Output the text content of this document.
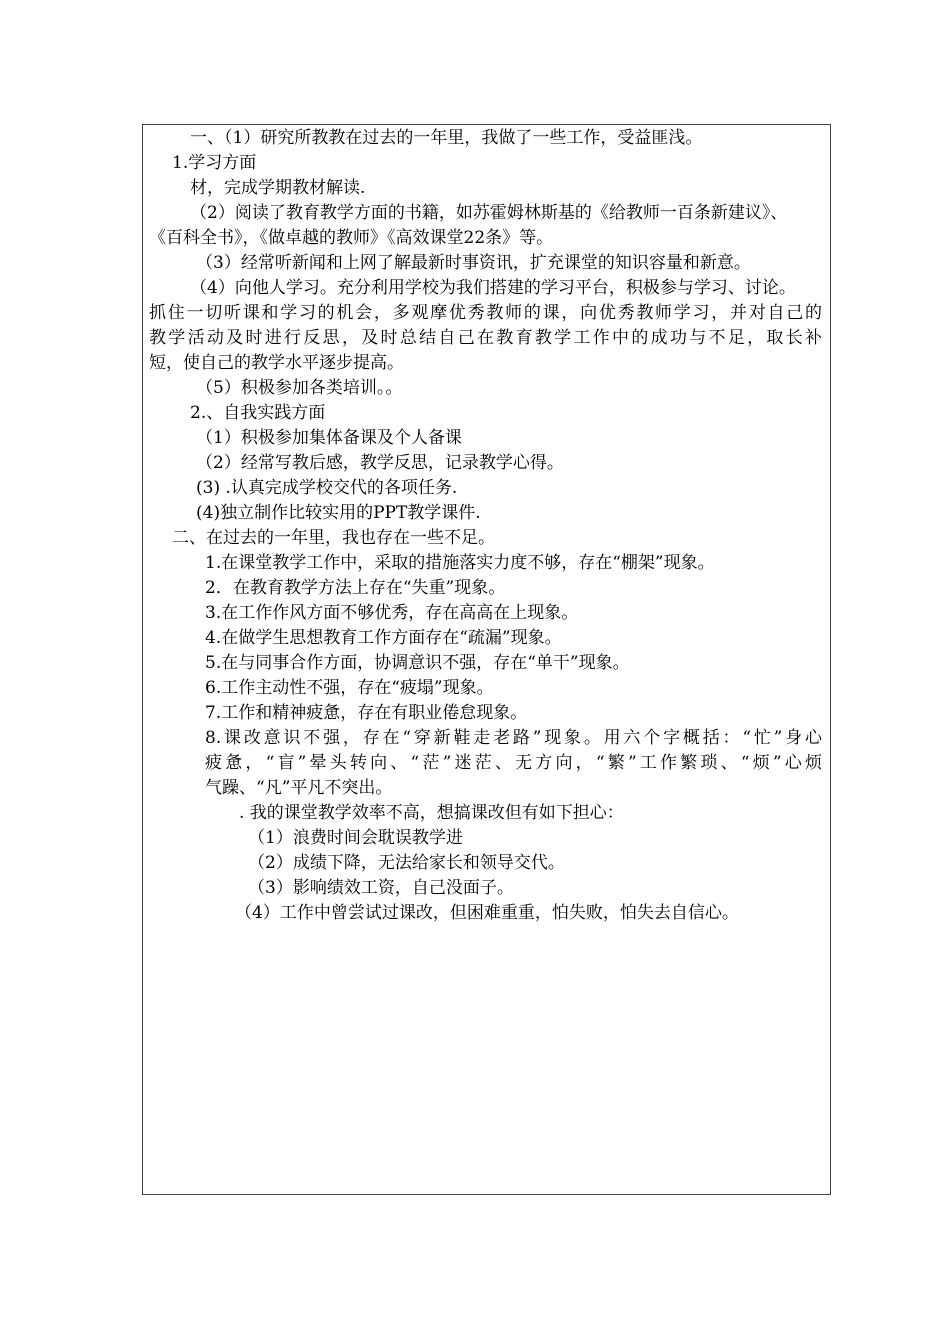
一、（1）研究所教教在过去的一年里，我做了一些工作，受益匪浅。
1.学习方面
材，完成学期教材解读.
（2）阅读了教育教学方面的书籍，如苏霍姆林斯基的《给教师一百条新建议》、
《百科全书》，《做卓越的教师》《高效课堂22条》等。
（3）经常听新闻和上网了解最新时事资讯，扩充课堂的知识容量和新意。
（4）向他人学习。充分利用学校为我们搭建的学习平台，积极参与学习、讨论。
抓住一切听课和学习的机会，多观摩优秀教师的课，向优秀教师学习，并对自己的
教学活动及时进行反思，及时总结自己在教育教学工作中的成功与不足，取长补
短，使自己的教学水平逐步提高。
（5）积极参加各类培训。。
2.、自我实践方面
（1）积极参加集体备课及个人备课
（2）经常写教后感，教学反思，记录教学心得。
(3) .认真完成学校交代的各项任务.
(4)独立制作比较实用的PPT教学课件.
二、在过去的一年里，我也存在一些不足。
1.在课堂教学工作中，采取的措施落实力度不够，存在“棚架”现象。
2．在教育教学方法上存在“失重”现象。
3.在工作作风方面不够优秀，存在高高在上现象。
4.在做学生思想教育工作方面存在“疏漏”现象。
5.在与同事合作方面，协调意识不强，存在“单干”现象。
6.工作主动性不强，存在“疲塌”现象。
7.工作和精神疲惫，存在有职业倦怠现象。
8.课改意识不强，存在“穿新鞋走老路”现象。用六个字概括：“忙”身心
疲惫，“盲”晕头转向、“茫”迷茫、无方向，“繁”工作繁琐、“烦”心烦
气躁、“凡”平凡不突出。
. 我的课堂教学效率不高，想搞课改但有如下担心：
（1）浪费时间会耽误教学进
（2）成绩下降，无法给家长和领导交代。
（3）影响绩效工资，自己没面子。
（4）工作中曾尝试过课改，但困难重重，怕失败，怕失去自信心。
